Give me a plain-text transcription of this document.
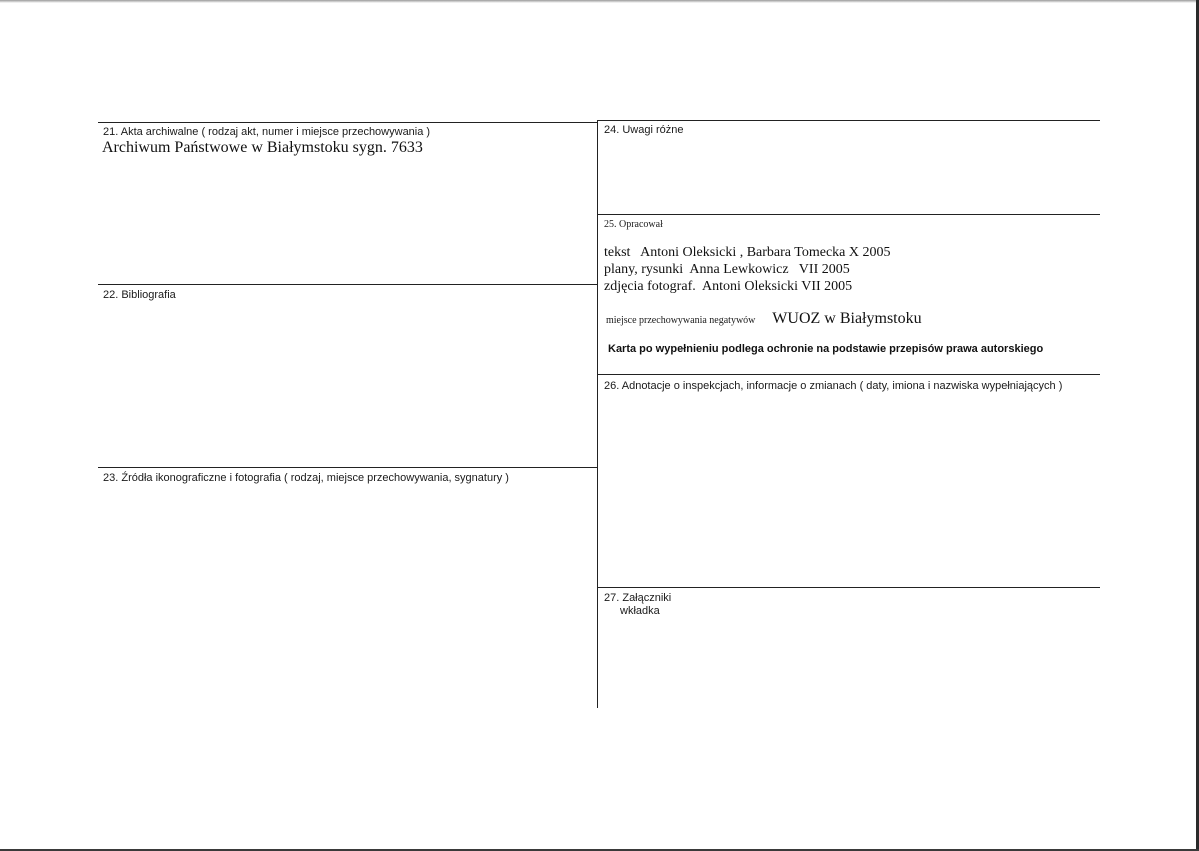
21. Akta archiwalne ( rodzaj akt, numer i miejsce przechowywania )
Archiwum Państwowe w Białymstoku sygn. 7633
22. Bibliografia
23. Źródła ikonograficzne i fotografia ( rodzaj, miejsce przechowywania, sygnatury )
24. Uwagi różne
25. Opracował
tekst   Antoni Oleksicki , Barbara Tomecka X 2005
plany, rysunki  Anna Lewkowicz   VII 2005
zdjęcia fotograf.  Antoni Oleksicki VII 2005
miejsce przechowywania negatywów WUOZ w Białymstoku
Karta po wypełnieniu podlega ochronie na podstawie przepisów prawa autorskiego
26. Adnotacje o inspekcjach, informacje o zmianach ( daty, imiona i nazwiska wypełniających )
27. Załączniki
wkładka
